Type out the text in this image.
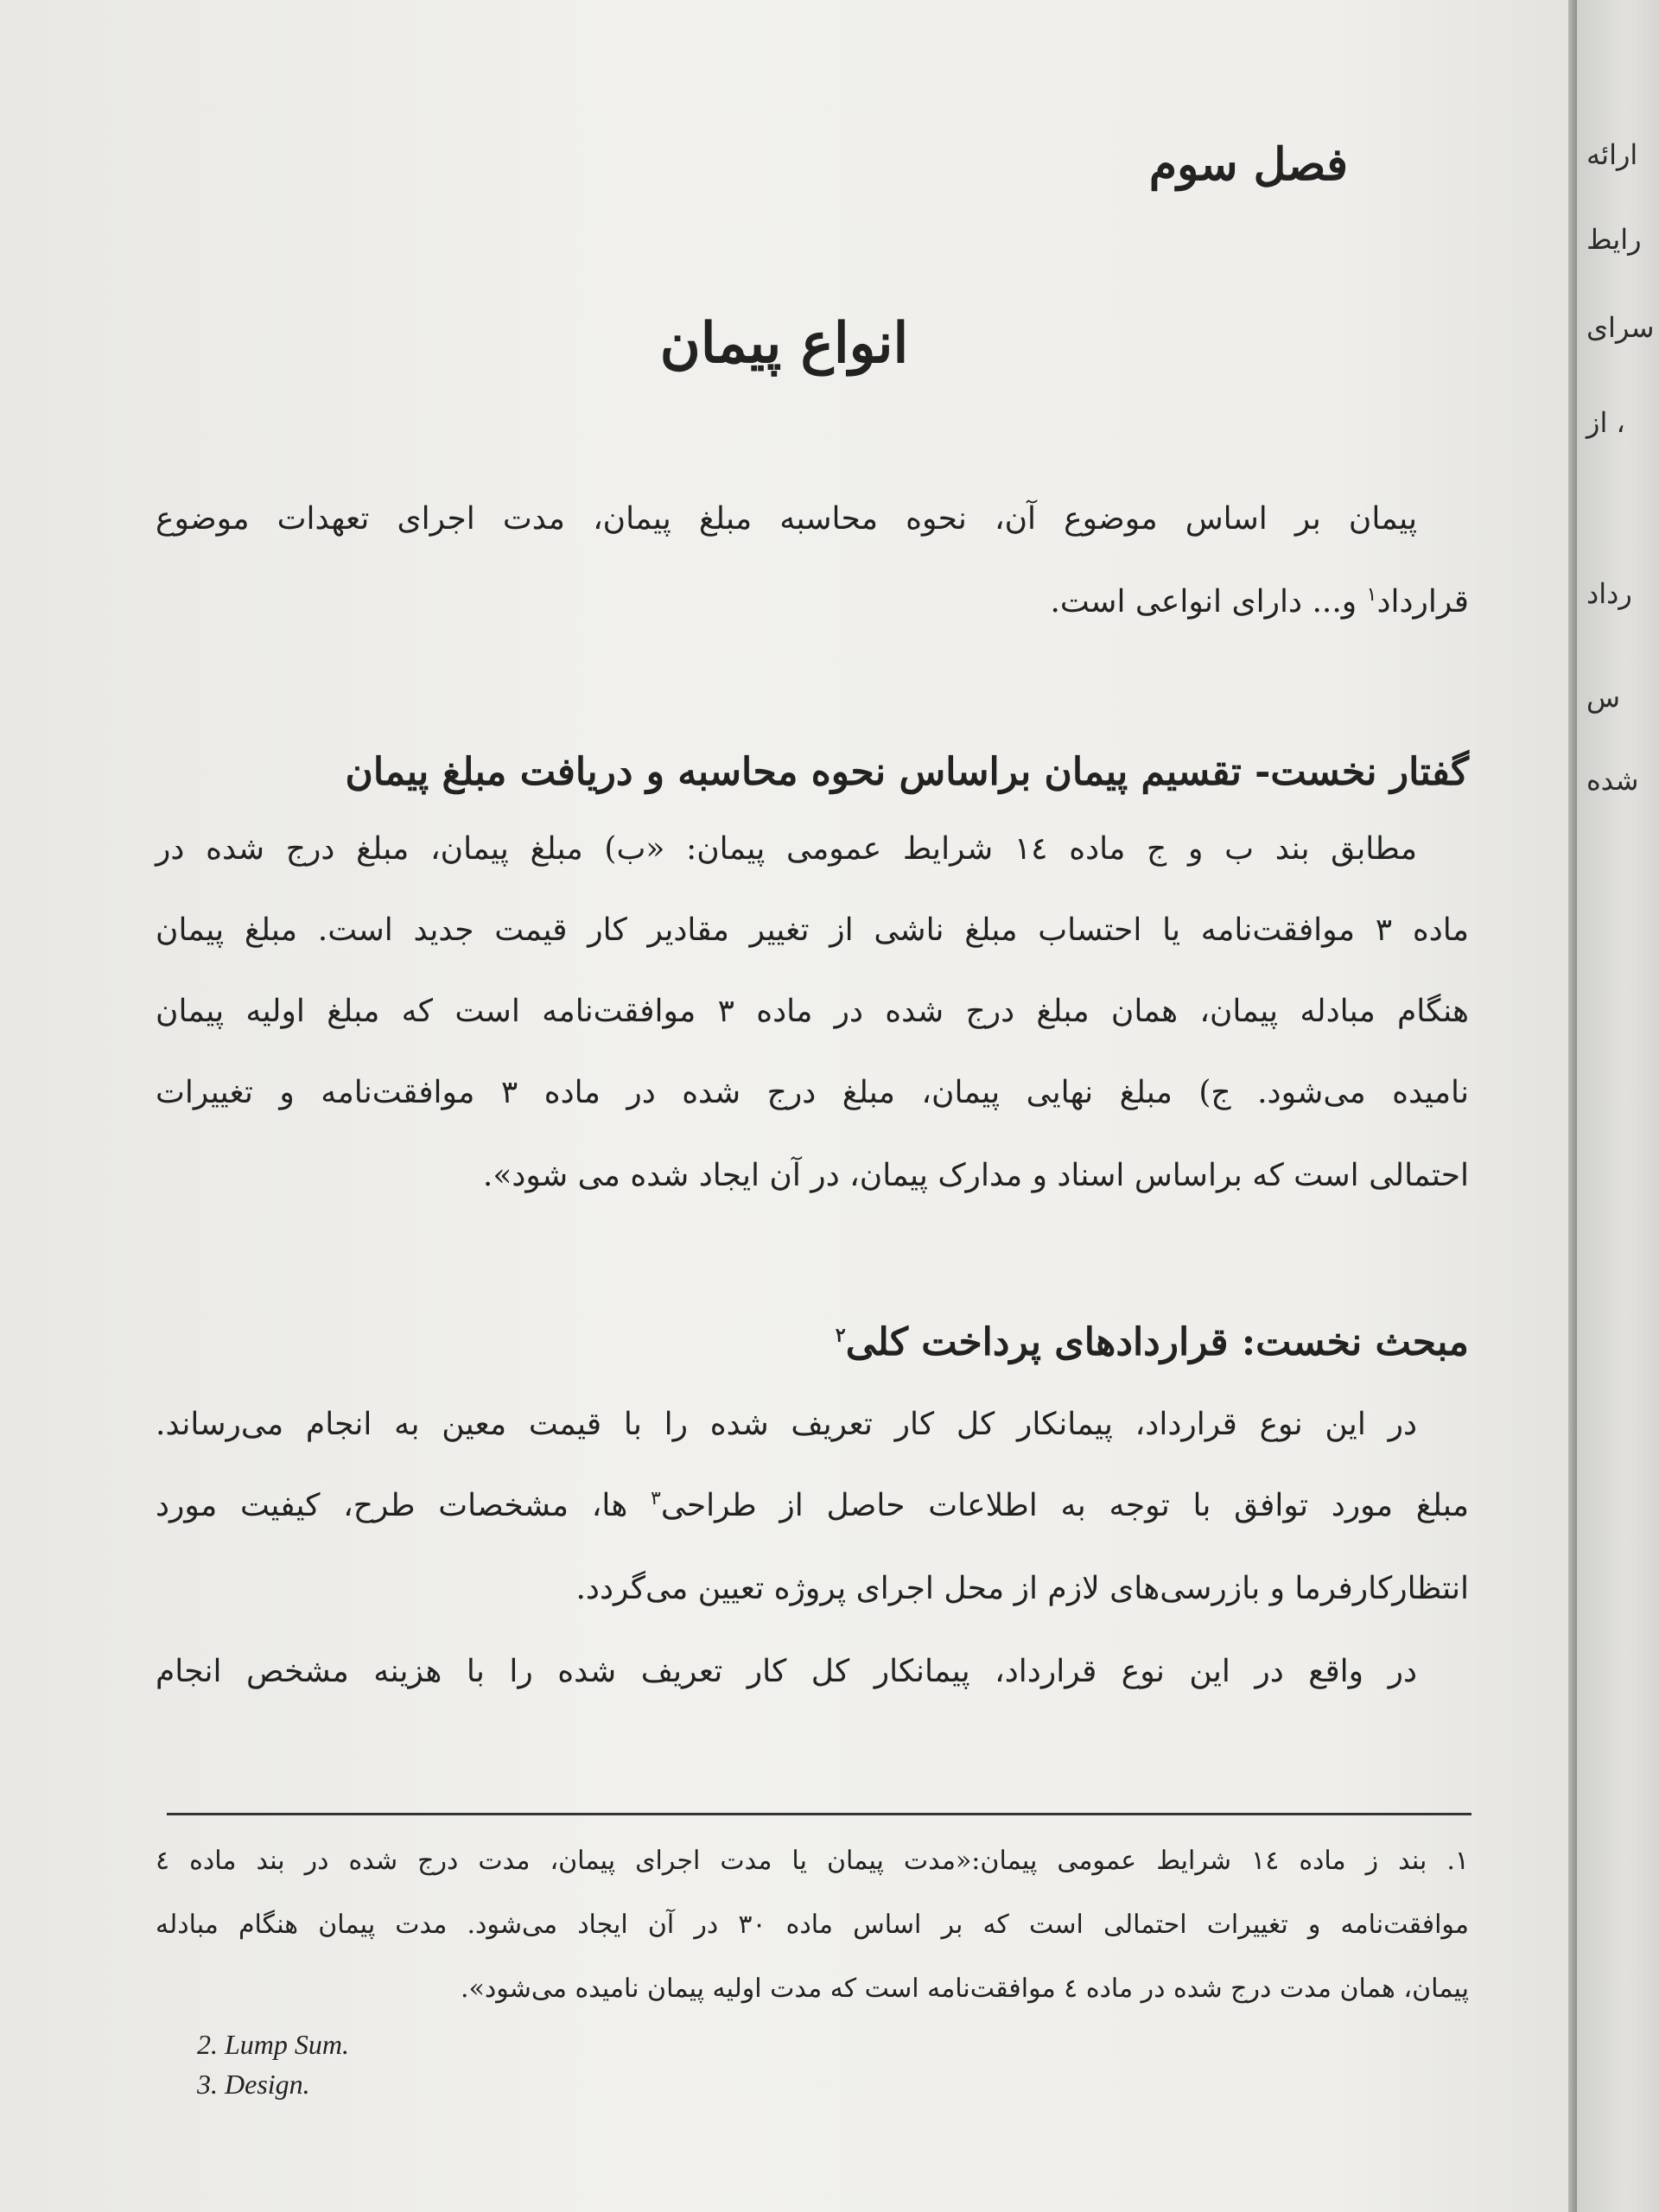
فصل سوم
انواع پیمان
پیمان بر اساس موضوع آن، نحوه محاسبه مبلغ پیمان، مدت اجرای تعهدات موضوع
قرارداد$^۱$ و... دارای انواعی است.
گفتار نخست- تقسیم پیمان براساس نحوه محاسبه و دریافت مبلغ پیمان
مطابق بند ب و ج ماده ١٤ شرایط عمومی پیمان: «ب) مبلغ پیمان، مبلغ درج شده در
ماده ٣ موافقت‌نامه یا احتساب مبلغ ناشی از تغییر مقادیر کار قیمت جدید است. مبلغ پیمان
هنگام مبادله پیمان، همان مبلغ درج شده در ماده ٣ موافقت‌نامه است که مبلغ اولیه پیمان
نامیده می‌شود. ج) مبلغ نهایی پیمان، مبلغ درج شده در ماده ٣ موافقت‌نامه و تغییرات
احتمالی است که براساس اسناد و مدارک پیمان، در آن ایجاد شده می شود».
مبحث نخست: قراردادهای پرداخت کلی$^٢$
در این نوع قرارداد، پیمانکار کل کار تعریف شده را با قیمت معین به انجام می‌رساند.
مبلغ مورد توافق با توجه به اطلاعات حاصل از طراحی$^٣$ ها، مشخصات طرح، کیفیت مورد
انتظارکارفرما و بازرسی‌های لازم از محل اجرای پروژه تعیین می‌گردد.
در واقع در این نوع قرارداد، پیمانکار کل کار تعریف شده را با هزینه مشخص انجام
١. بند ز ماده ١٤ شرایط عمومی پیمان:«مدت پیمان یا مدت اجرای پیمان، مدت درج شده در بند ماده ٤
موافقت‌نامه و تغییرات احتمالی است که بر اساس ماده ٣٠ در آن ایجاد می‌شود. مدت پیمان هنگام مبادله
پیمان، همان مدت درج شده در ماده ٤ موافقت‌نامه است که مدت اولیه پیمان نامیده می‌شود».
2. Lump Sum.
3. Design.
ارائه
رایط
سرای
، از
رداد
س
شده
